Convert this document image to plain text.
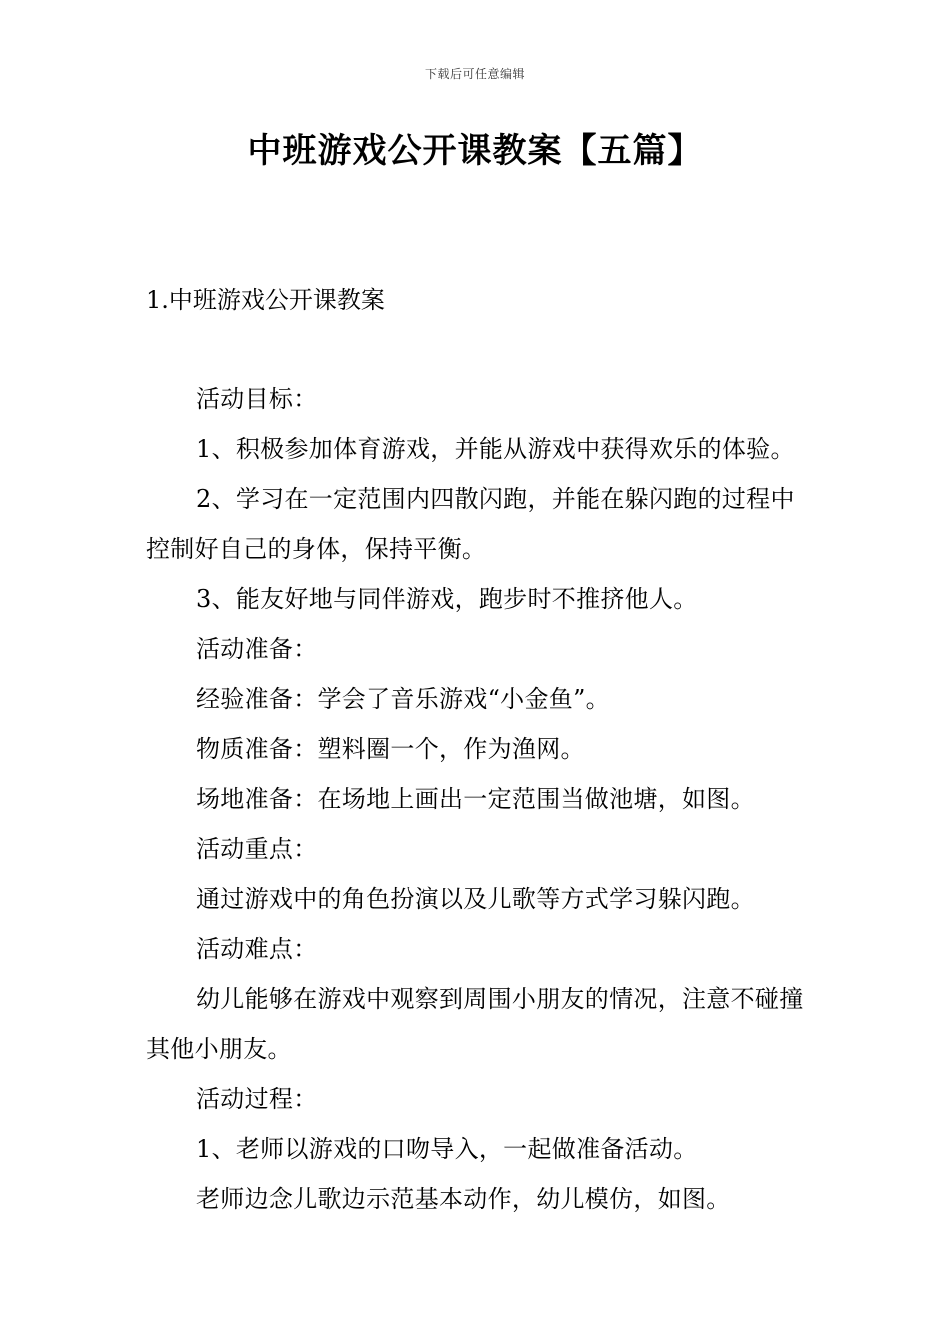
下载后可任意编辑
中班游戏公开课教案【五篇】
1.中班游戏公开课教案

活动目标：

1、积极参加体育游戏，并能从游戏中获得欢乐的体验。

2、学习在一定范围内四散闪跑，并能在躲闪跑的过程中控制好自己的身体，保持平衡。

3、能友好地与同伴游戏，跑步时不推挤他人。

活动准备：

经验准备：学会了音乐游戏“小金鱼”。

物质准备：塑料圈一个，作为渔网。

场地准备：在场地上画出一定范围当做池塘，如图。

活动重点：

通过游戏中的角色扮演以及儿歌等方式学习躲闪跑。

活动难点：

幼儿能够在游戏中观察到周围小朋友的情况，注意不碰撞其他小朋友。

活动过程：

1、老师以游戏的口吻导入，一起做准备活动。

老师边念儿歌边示范基本动作，幼儿模仿，如图。
